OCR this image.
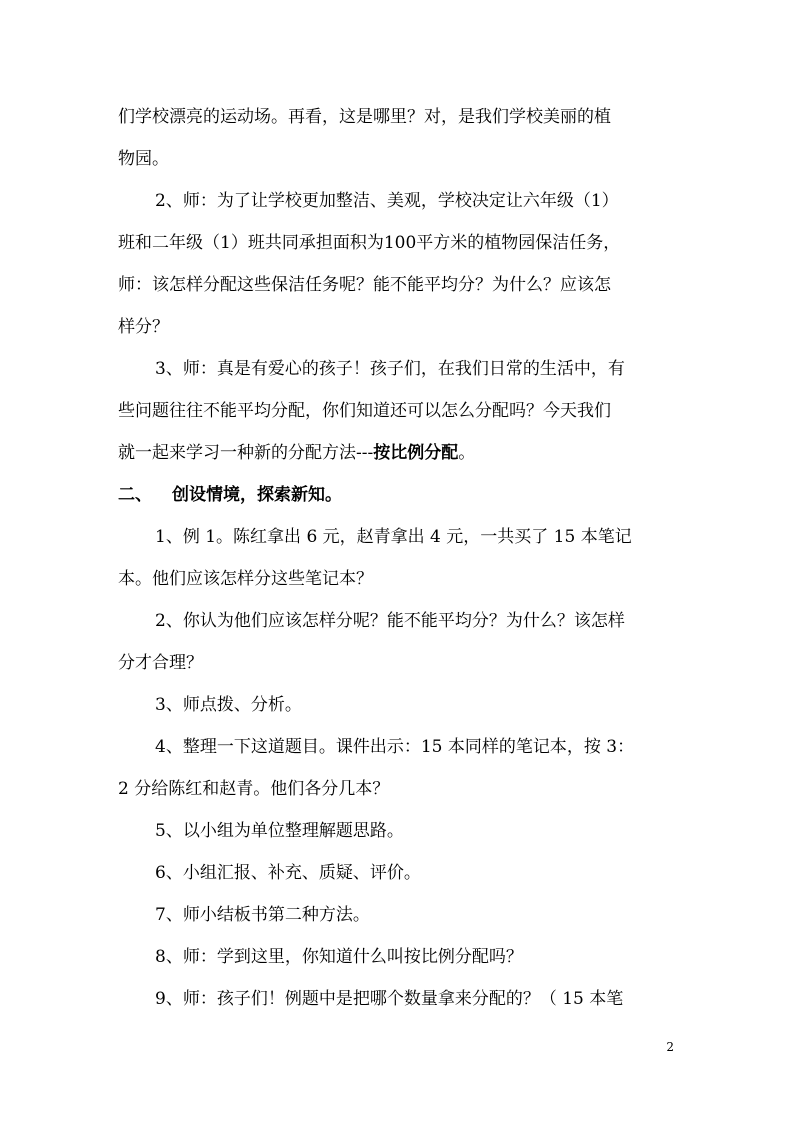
们学校漂亮的运动场。再看，这是哪里？对，是我们学校美丽的植
物园。
2、师：为了让学校更加整洁、美观，学校决定让六年级（1）
班和二年级（1）班共同承担面积为100平方米的植物园保洁任务，
师：该怎样分配这些保洁任务呢？能不能平均分？为什么？应该怎
样分？
3、师：真是有爱心的孩子！孩子们，在我们日常的生活中，有
些问题往往不能平均分配，你们知道还可以怎么分配吗？今天我们
就一起来学习一种新的分配方法---按比例分配。
二、 创设情境，探索新知。
1、例 1。陈红拿出 6 元，赵青拿出 4 元，一共买了 15 本笔记
本。他们应该怎样分这些笔记本？
2、你认为他们应该怎样分呢？能不能平均分？为什么？该怎样
分才合理？
3、师点拨、分析。
4、整理一下这道题目。课件出示：15 本同样的笔记本，按 3：
2 分给陈红和赵青。他们各分几本？
5、以小组为单位整理解题思路。
6、小组汇报、补充、质疑、评价。
7、师小结板书第二种方法。
8、师：学到这里，你知道什么叫按比例分配吗？
9、师：孩子们！例题中是把哪个数量拿来分配的？（ 15 本笔
2
